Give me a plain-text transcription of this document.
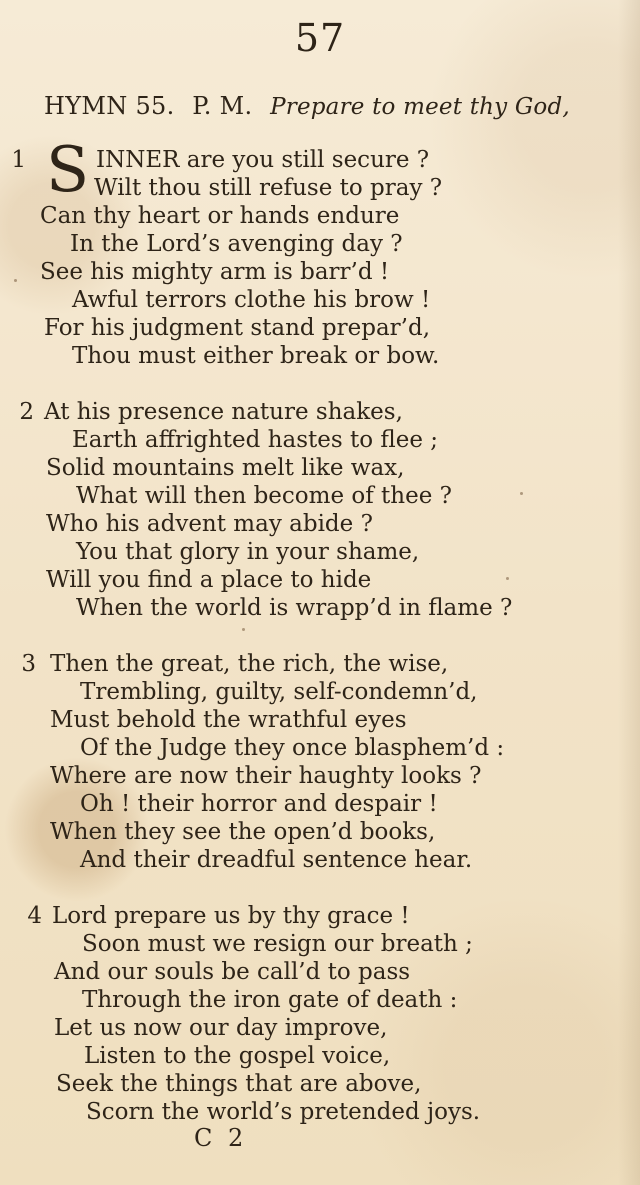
57
HYMN 55. P. M. Prepare to meet thy God,
1 S INNER are you still secure ?
Wilt thou still refuse to pray ?
Can thy heart or hands endure
In the Lord’s avenging day ?
See his mighty arm is barr’d !
Awful terrors clothe his brow !
For his judgment stand prepar’d,
Thou must either break or bow.
2 At his presence nature shakes,
Earth affrighted hastes to flee ;
Solid mountains melt like wax,
What will then become of thee ?
Who his advent may abide ?
You that glory in your shame,
Will you find a place to hide
When the world is wrapp’d in flame ?
3 Then the great, the rich, the wise,
Trembling, guilty, self-condemn’d,
Must behold the wrathful eyes
Of the Judge they once blasphem’d :
Where are now their haughty looks ?
Oh ! their horror and despair !
When they see the open’d books,
And their dreadful sentence hear.
4 Lord prepare us by thy grace !
Soon must we resign our breath ;
And our souls be call’d to pass
Through the iron gate of death :
Let us now our day improve,
Listen to the gospel voice,
Seek the things that are above,
Scorn the world’s pretended joys.
C 2
